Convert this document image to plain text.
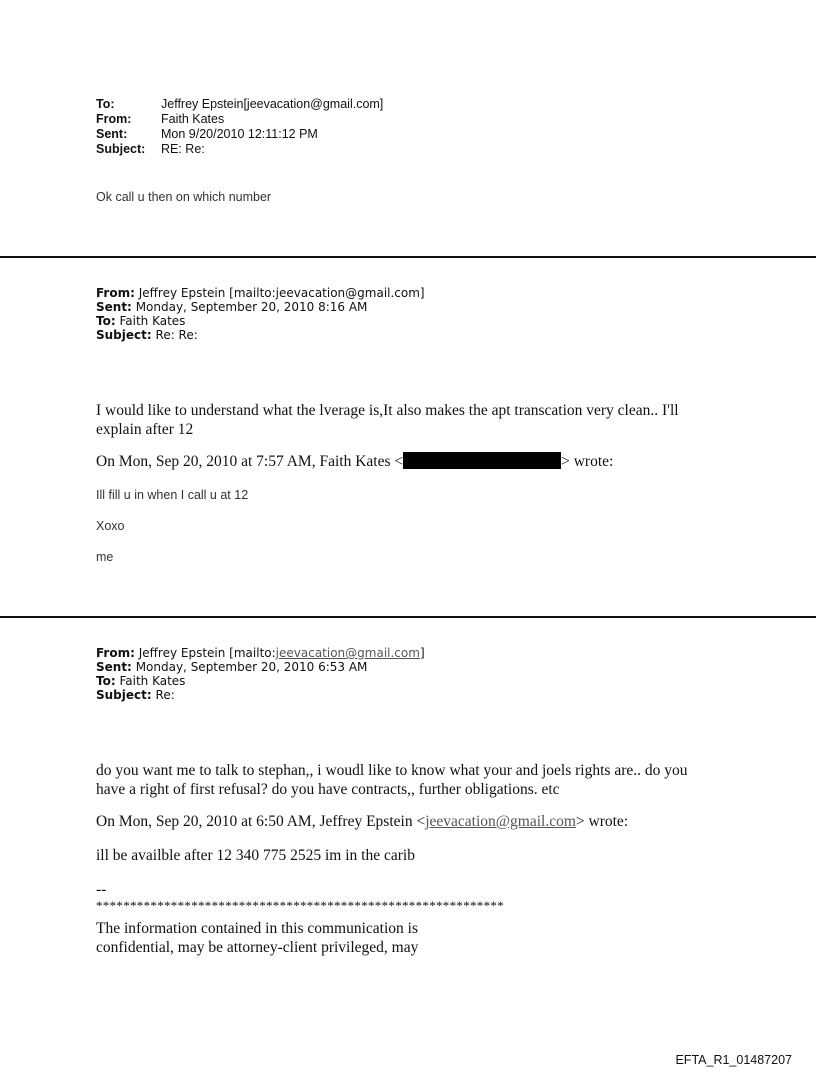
To:	Jeffrey Epstein[jeevacation@gmail.com]
From:	Faith Kates
Sent:	Mon 9/20/2010 12:11:12 PM
Subject:	RE: Re:
Ok call u then on which number
From: Jeffrey Epstein [mailto:jeevacation@gmail.com]
Sent: Monday, September 20, 2010 8:16 AM
To: Faith Kates
Subject: Re: Re:
I would like to understand what the lverage is,It also makes the apt transcation very clean.. I'll
explain after 12
On Mon, Sep 20, 2010 at 7:57 AM, Faith Kates <	> wrote:
Ill fill u in when I call u at 12
Xoxo
me
From: Jeffrey Epstein [mailto:jeevacation@gmail.com]
Sent: Monday, September 20, 2010 6:53 AM
To: Faith Kates
Subject: Re:
do you want me to talk to stephan,, i woudl like to know what your and joels rights are.. do you
have a right of first refusal? do you have contracts,, further obligations. etc
On Mon, Sep 20, 2010 at 6:50 AM, Jeffrey Epstein <jeevacation@gmail.com> wrote:
ill be availble after 12 340 775 2525 im in the carib
--
************************************************************
The information contained in this communication is
confidential, may be attorney-client privileged, may
EFTA_R1_01487207
